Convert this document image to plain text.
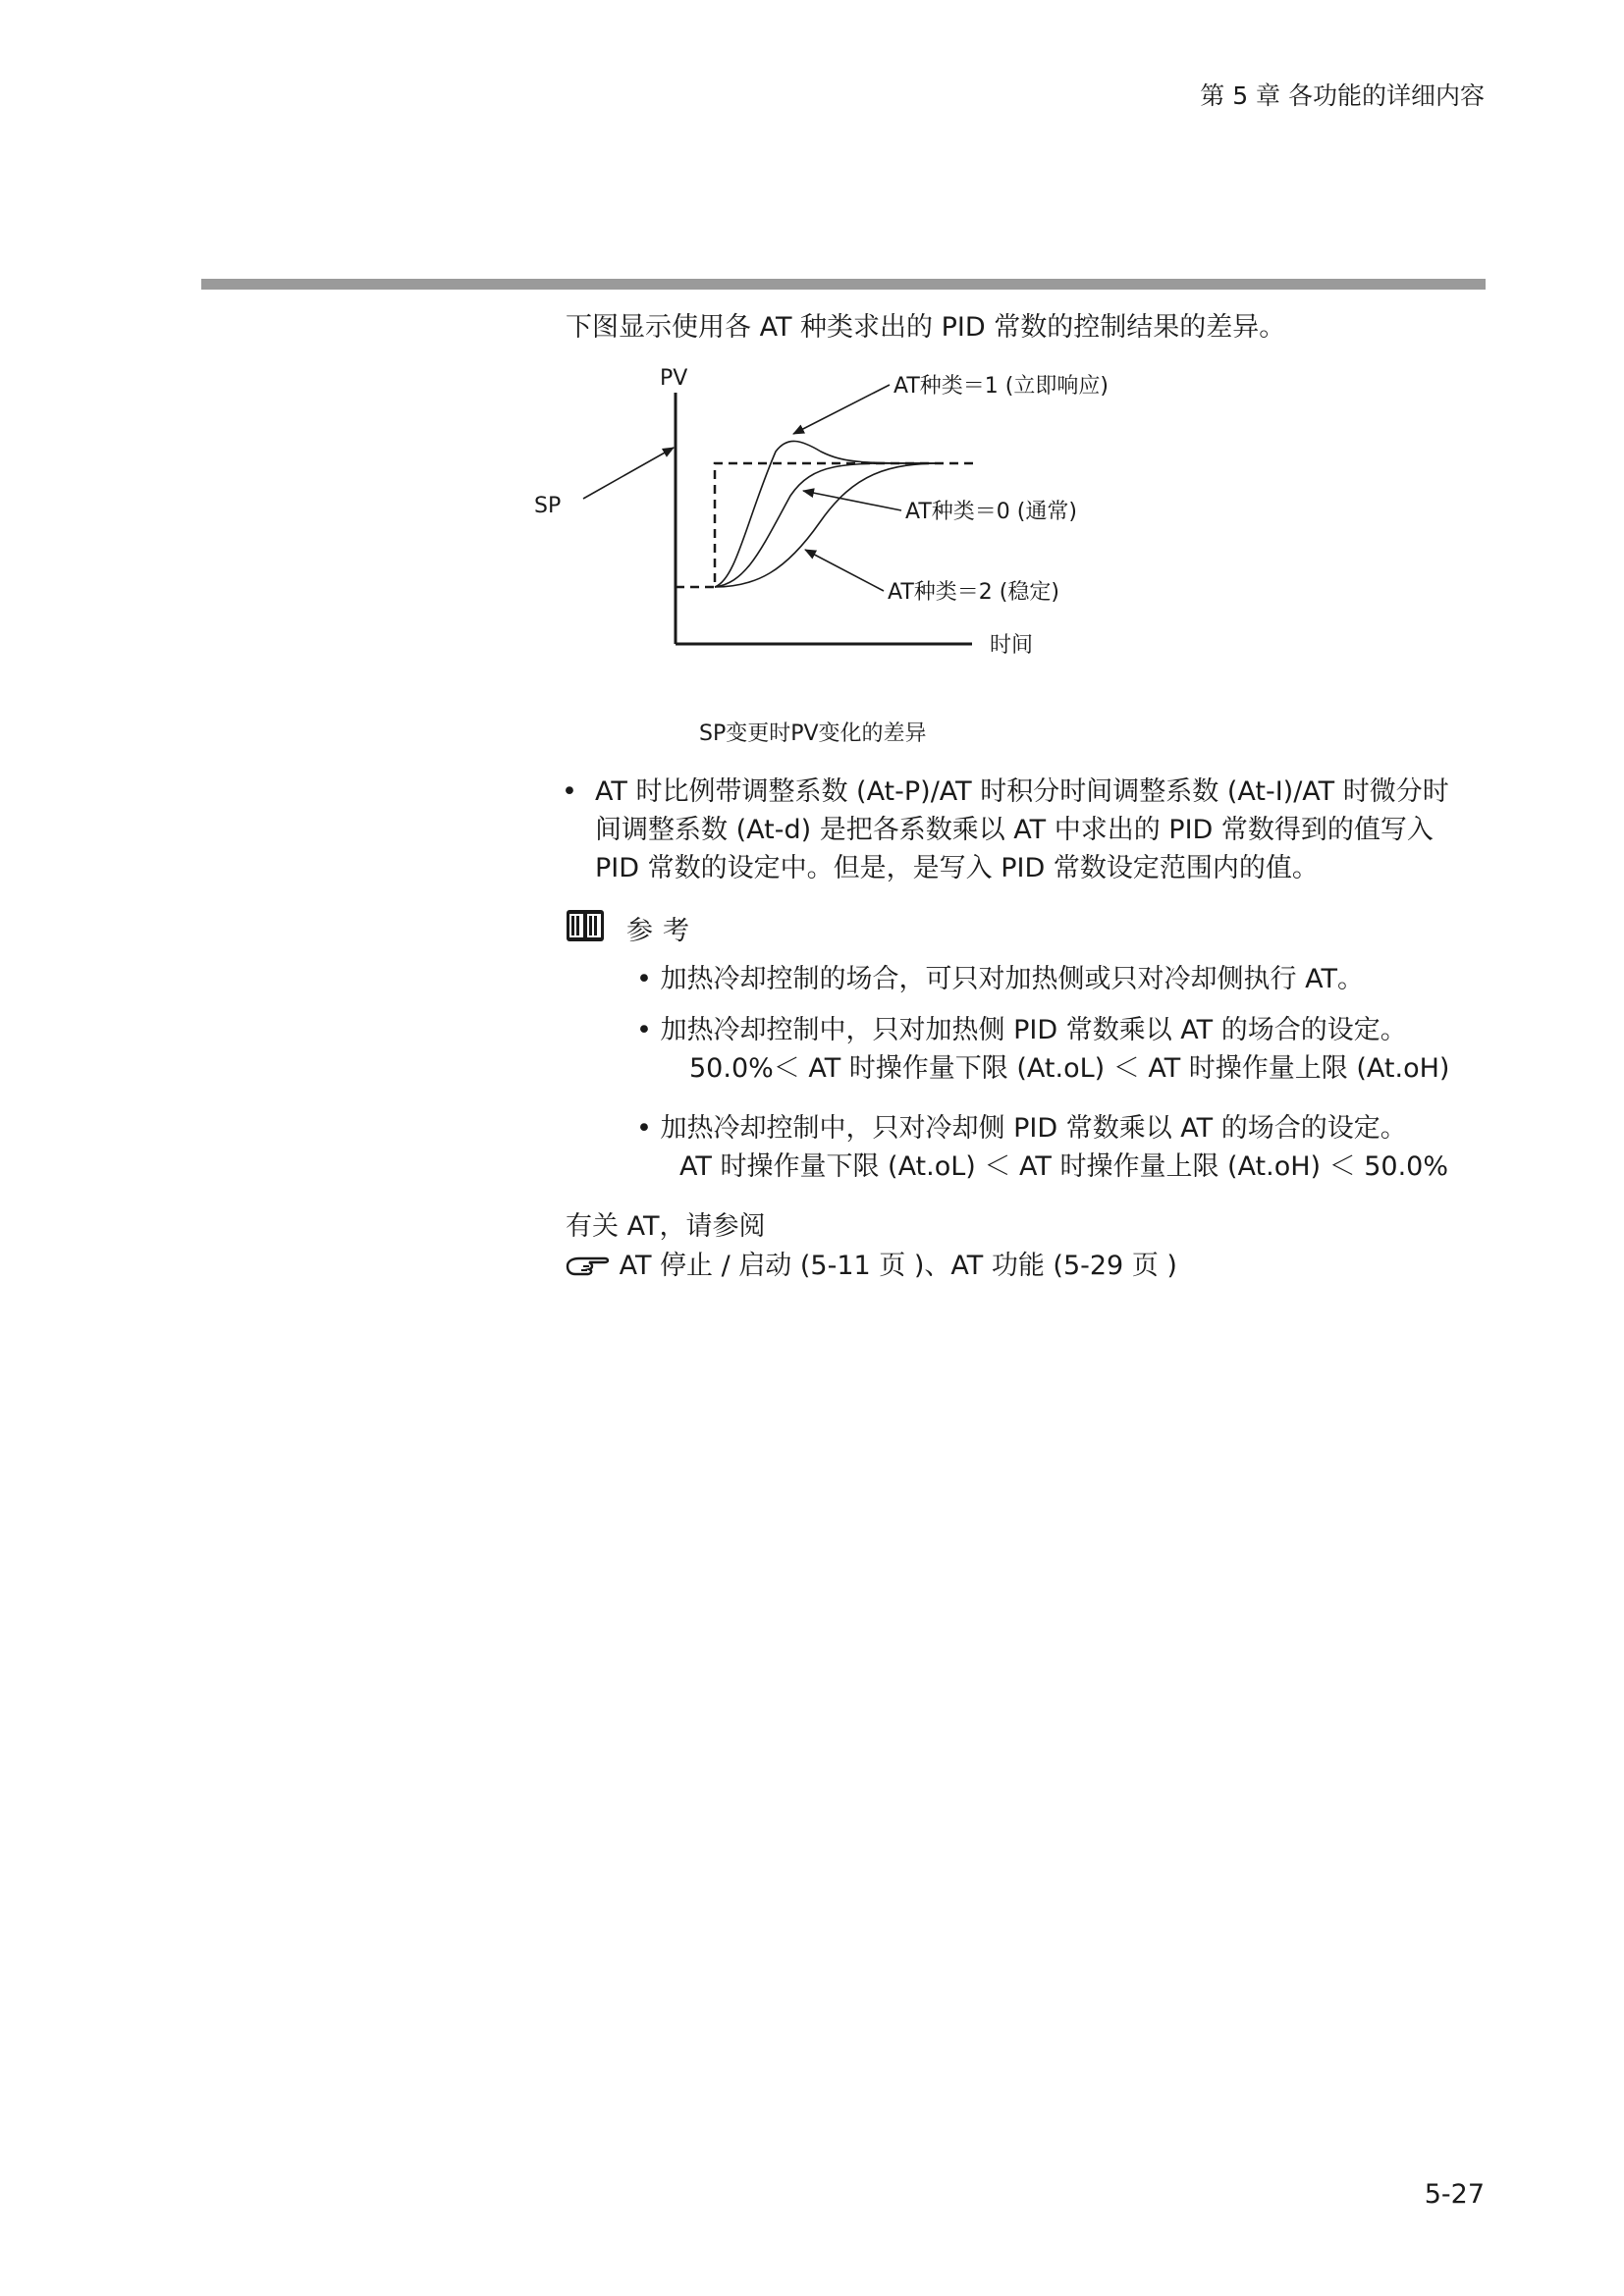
第 5 章 各功能的详细内容
下图显示使用各 AT 种类求出的 PID 常数的控制结果的差异。
PV
时间
SP
AT种类＝1 (立即响应)
AT种类＝0 (通常)
AT种类＝2 (稳定)
SP变更时PV变化的差异
• AT 时比例带调整系数 (At-P)/AT 时积分时间调整系数 (At-I)/AT 时微分时
间调整系数 (At-d) 是把各系数乘以 AT 中求出的 PID 常数得到的值写入
PID 常数的设定中。但是，是写入 PID 常数设定范围内的值。
参考
• 加热冷却控制的场合，可只对加热侧或只对冷却侧执行 AT。
• 加热冷却控制中，只对加热侧 PID 常数乘以 AT 的场合的设定。
50.0%＜ AT 时操作量下限 (At.oL) ＜ AT 时操作量上限 (At.oH)
• 加热冷却控制中，只对冷却侧 PID 常数乘以 AT 的场合的设定。
AT 时操作量下限 (At.oL) ＜ AT 时操作量上限 (At.oH) ＜ 50.0%
有关 AT，请参阅
AT 停止 / 启动 (5-11 页 )、AT 功能 (5-29 页 )
5-27
